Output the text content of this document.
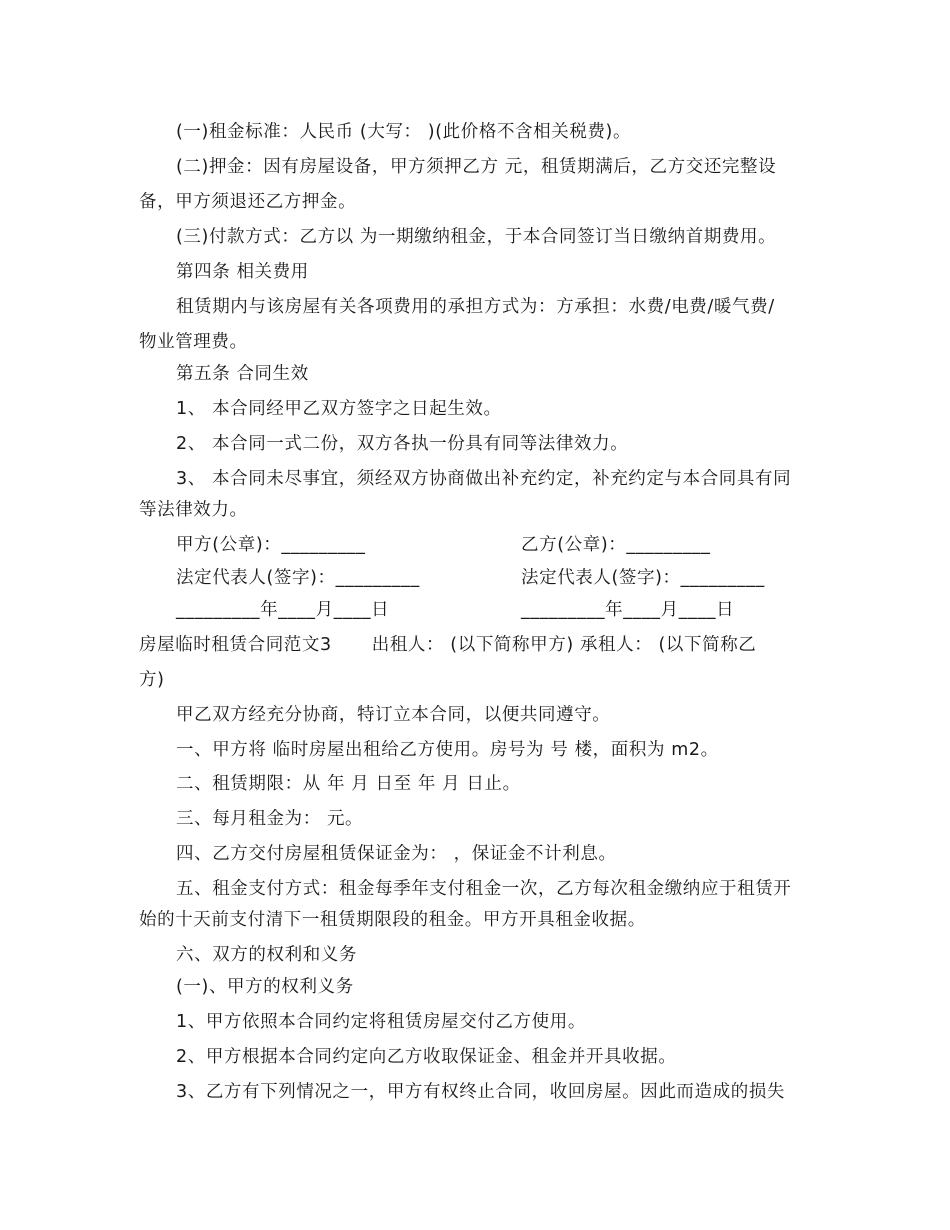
(一)租金标准：人民币 (大写： )(此价格不含相关税费)。
(二)押金：因有房屋设备，甲方须押乙方 元，租赁期满后，乙方交还完整设
备，甲方须退还乙方押金。
(三)付款方式：乙方以 为一期缴纳租金，于本合同签订当日缴纳首期费用。
第四条 相关费用
租赁期内与该房屋有关各项费用的承担方式为：方承担：水费/电费/暖气费/
物业管理费。
第五条 合同生效
1、 本合同经甲乙双方签字之日起生效。
2、 本合同一式二份，双方各执一份具有同等法律效力。
3、 本合同未尽事宜，须经双方协商做出补充约定，补充约定与本合同具有同
等法律效力。
甲方(公章)：_________	乙方(公章)：_________
法定代表人(签字)：_________	法定代表人(签字)：_________
_________年____月____日	_________年____月____日
房屋临时租赁合同范文3 出租人： (以下简称甲方) 承租人： (以下简称乙
方)
甲乙双方经充分协商，特订立本合同，以便共同遵守。
一、甲方将 临时房屋出租给乙方使用。房号为 号 楼，面积为 m2。
二、租赁期限：从 年 月 日至 年 月 日止。
三、每月租金为： 元。
四、乙方交付房屋租赁保证金为： ，保证金不计利息。
五、租金支付方式：租金每季年支付租金一次，乙方每次租金缴纳应于租赁开
始的十天前支付清下一租赁期限段的租金。甲方开具租金收据。
六、双方的权利和义务
(一)、甲方的权利义务
1、甲方依照本合同约定将租赁房屋交付乙方使用。
2、甲方根据本合同约定向乙方收取保证金、租金并开具收据。
3、乙方有下列情况之一，甲方有权终止合同，收回房屋。因此而造成的损失
